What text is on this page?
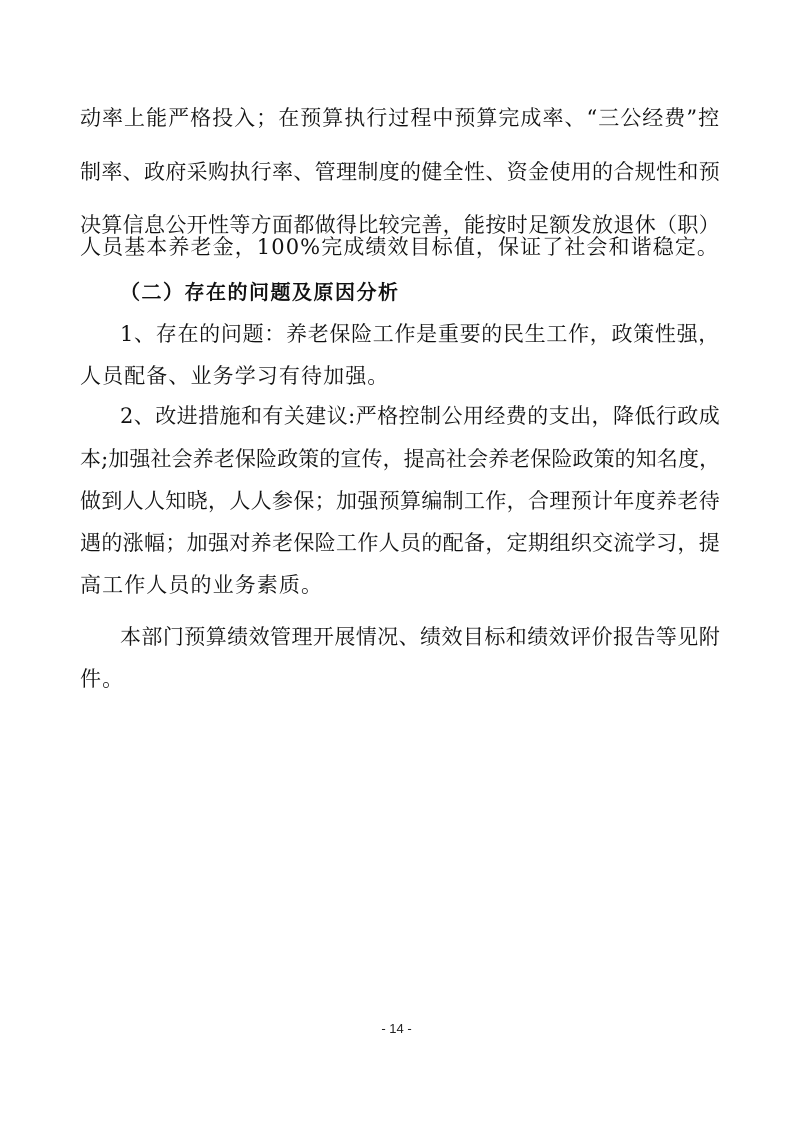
动率上能严格投入；在预算执行过程中预算完成率、“三公经费”控
制率、政府采购执行率、管理制度的健全性、资金使用的合规性和预
决算信息公开性等方面都做得比较完善，能按时足额发放退休（职）
人员基本养老金，100%完成绩效目标值，保证了社会和谐稳定。
（二）存在的问题及原因分析
1、存在的问题：养老保险工作是重要的民生工作，政策性强，
人员配备、业务学习有待加强。
2、改进措施和有关建议:严格控制公用经费的支出，降低行政成
本;加强社会养老保险政策的宣传，提高社会养老保险政策的知名度，
做到人人知晓，人人参保；加强预算编制工作，合理预计年度养老待
遇的涨幅；加强对养老保险工作人员的配备，定期组织交流学习，提
高工作人员的业务素质。
本部门预算绩效管理开展情况、绩效目标和绩效评价报告等见附
件。
- 14 -
